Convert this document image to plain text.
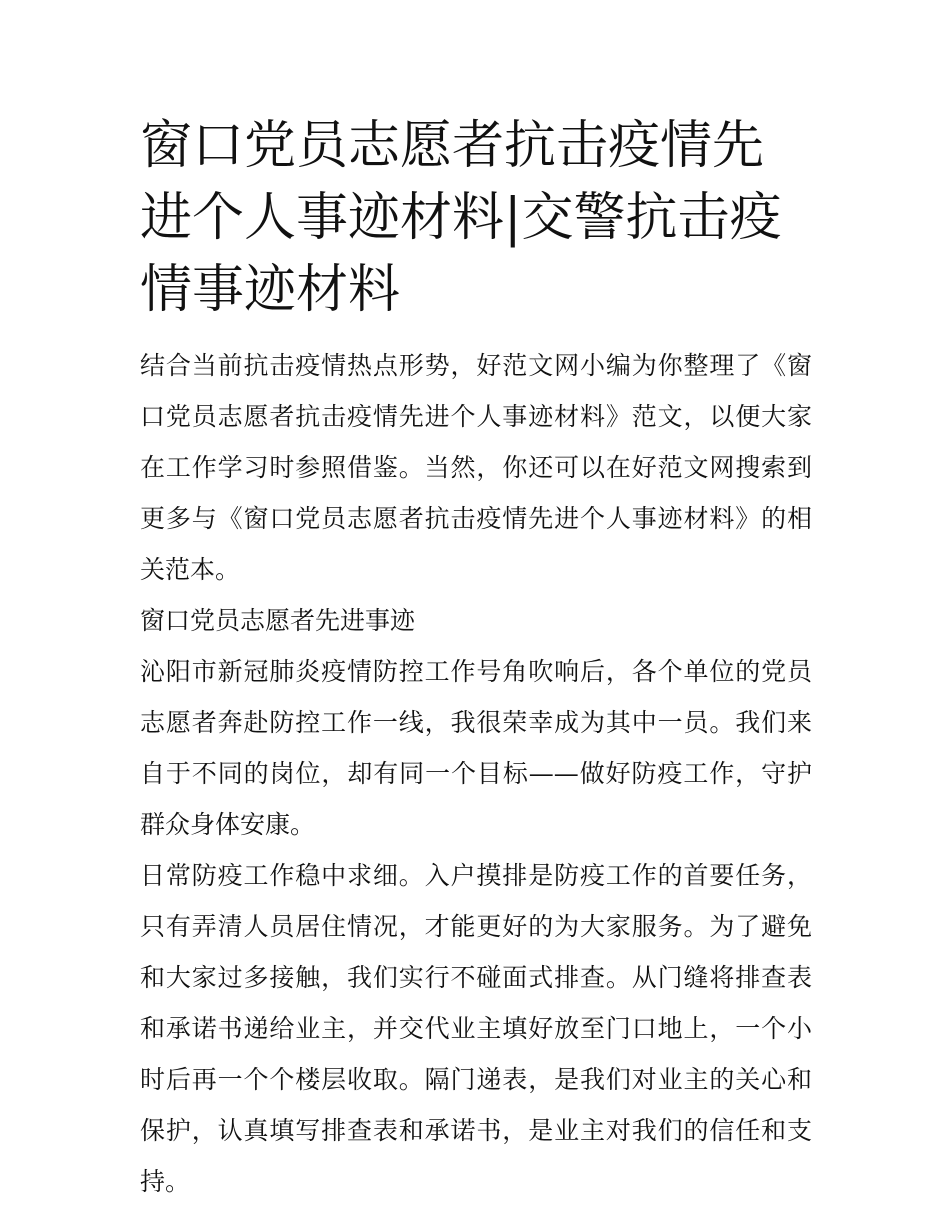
窗口党员志愿者抗击疫情先进个人事迹材料|交警抗击疫情事迹材料

结合当前抗击疫情热点形势，好范文网小编为你整理了《窗口党员志愿者抗击疫情先进个人事迹材料》范文，以便大家在工作学习时参照借鉴。当然，你还可以在好范文网搜索到更多与《窗口党员志愿者抗击疫情先进个人事迹材料》的相关范本。

窗口党员志愿者先进事迹

沁阳市新冠肺炎疫情防控工作号角吹响后，各个单位的党员志愿者奔赴防控工作一线，我很荣幸成为其中一员。我们来自于不同的岗位，却有同一个目标——做好防疫工作，守护群众身体安康。

日常防疫工作稳中求细。入户摸排是防疫工作的首要任务，只有弄清人员居住情况，才能更好的为大家服务。为了避免和大家过多接触，我们实行不碰面式排查。从门缝将排查表和承诺书递给业主，并交代业主填好放至门口地上，一个小时后再一个个楼层收取。隔门递表，是我们对业主的关心和保护，认真填写排查表和承诺书，是业主对我们的信任和支持。
